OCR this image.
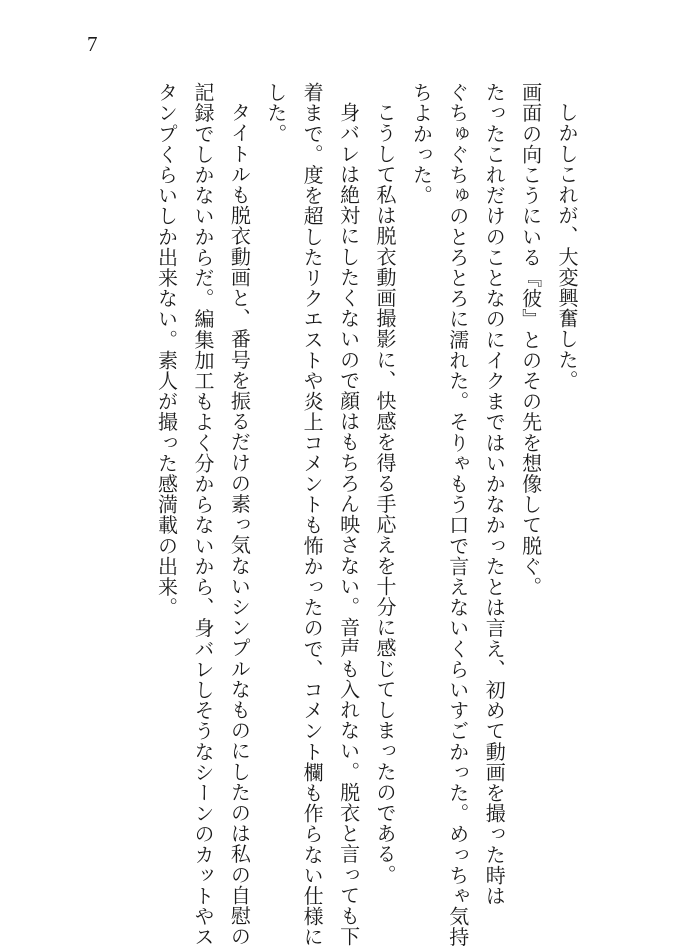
7
しかしこれが、大変興奮した。
画面の向こうにいる『彼』とのその先を想像して脱ぐ。
たったこれだけのことなのにイクまではいかなかったとは言え、初めて動画を撮った時は
ぐちゅぐちゅのとろとろに濡れた。そりゃもう口で言えないくらいすごかった。めっちゃ気持
ちよかった。
こうして私は脱衣動画撮影に、快感を得る手応えを十分に感じてしまったのである。
身バレは絶対にしたくないので顔はもちろん映さない。音声も入れない。脱衣と言っても下
着まで。度を超したリクエストや炎上コメントも怖かったので、コメント欄も作らない仕様に
した。
タイトルも脱衣動画と、番号を振るだけの素っ気ないシンプルなものにしたのは私の自慰の
記録でしかないからだ。編集加工もよく分からないから、身バレしそうなシーンのカットやス
タンプくらいしか出来ない。素人が撮った感満載の出来。
